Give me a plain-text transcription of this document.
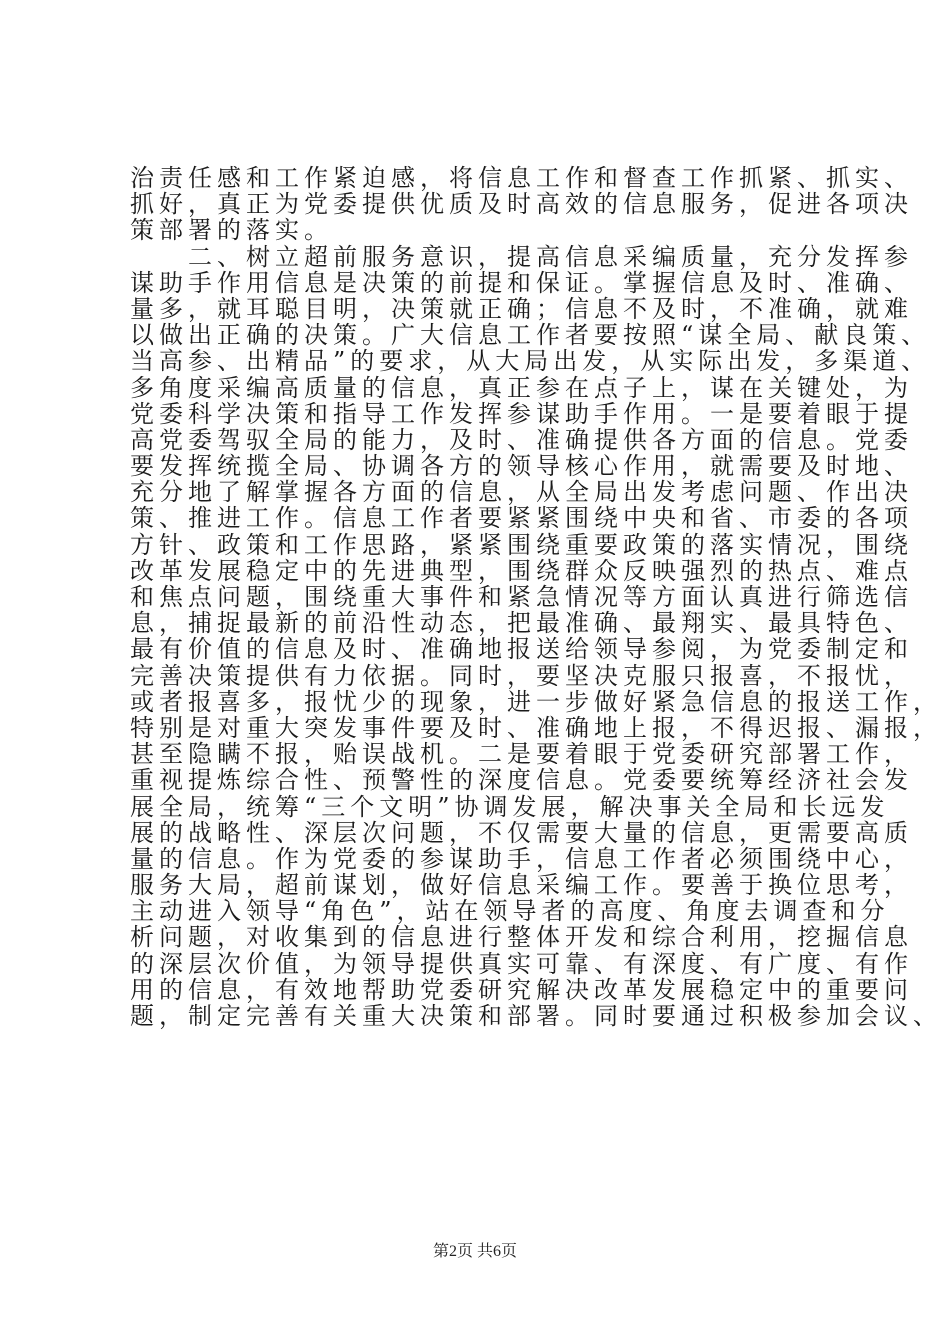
治责任感和工作紧迫感，将信息工作和督查工作抓紧、抓实、
抓好，真正为党委提供优质及时高效的信息服务，促进各项决
策部署的落实。
二、树立超前服务意识，提高信息采编质量，充分发挥参
谋助手作用信息是决策的前提和保证。掌握信息及时、准确、
量多，就耳聪目明，决策就正确；信息不及时，不准确，就难
以做出正确的决策。广大信息工作者要按照“谋全局、献良策、
当高参、出精品”的要求，从大局出发，从实际出发，多渠道、
多角度采编高质量的信息，真正参在点子上，谋在关键处，为
党委科学决策和指导工作发挥参谋助手作用。一是要着眼于提
高党委驾驭全局的能力，及时、准确提供各方面的信息。党委
要发挥统揽全局、协调各方的领导核心作用，就需要及时地、
充分地了解掌握各方面的信息，从全局出发考虑问题、作出决
策、推进工作。信息工作者要紧紧围绕中央和省、市委的各项
方针、政策和工作思路，紧紧围绕重要政策的落实情况，围绕
改革发展稳定中的先进典型，围绕群众反映强烈的热点、难点
和焦点问题，围绕重大事件和紧急情况等方面认真进行筛选信
息，捕捉最新的前沿性动态，把最准确、最翔实、最具特色、
最有价值的信息及时、准确地报送给领导参阅，为党委制定和
完善决策提供有力依据。同时，要坚决克服只报喜，不报忧，
或者报喜多，报忧少的现象，进一步做好紧急信息的报送工作，
特别是对重大突发事件要及时、准确地上报，不得迟报、漏报，
甚至隐瞒不报，贻误战机。二是要着眼于党委研究部署工作，
重视提炼综合性、预警性的深度信息。党委要统筹经济社会发
展全局，统筹“三个文明”协调发展，解决事关全局和长远发
展的战略性、深层次问题，不仅需要大量的信息，更需要高质
量的信息。作为党委的参谋助手，信息工作者必须围绕中心，
服务大局，超前谋划，做好信息采编工作。要善于换位思考，
主动进入领导“角色”，站在领导者的高度、角度去调查和分
析问题，对收集到的信息进行整体开发和综合利用，挖掘信息
的深层次价值，为领导提供真实可靠、有深度、有广度、有作
用的信息，有效地帮助党委研究解决改革发展稳定中的重要问
题，制定完善有关重大决策和部署。同时要通过积极参加会议、
第2页 共6页
